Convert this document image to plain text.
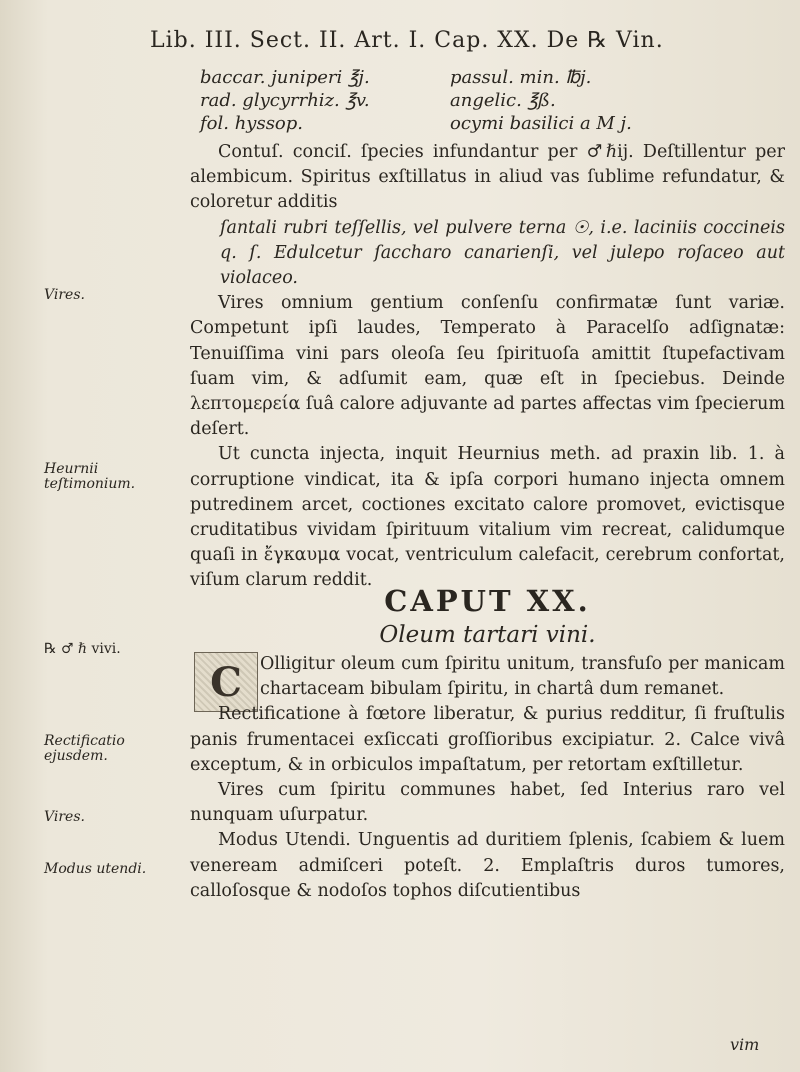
Lib. III. Sect. II. Art. I. Cap. XX. De ℞ Vin.
baccar. juniperi ℥j.	passul. min. ℔j.
rad. glycyrrhiz. ℥v.	angelic. ℥ß.
fol. hyssop.	ocymi basilici a M j.

Contuſ. conciſ. ſpecies infundantur per ♂ℏij. Deſtillentur per alembicum. Spiritus exſtillatus in aliud vas ſublime refundatur, & coloretur additis

ſantali rubri teſſellis, vel pulvere terna ☉, i.e. laciniis coccineis q. ſ. Edulcetur ſaccharo canarienſi, vel julepo roſaceo aut violaceo.

Vires omnium gentium conſenſu confirmatæ ſunt variæ. Competunt ipſi laudes, Temperato à Paracelſo adſignatæ: Tenuiſſima vini pars oleoſa ſeu ſpirituoſa amittit ſtupefactivam ſuam vim, & adſumit eam, quæ eſt in ſpeciebus. Deinde λεπτομερεία ſuâ calore adjuvante ad partes affectas vim ſpecierum deſert.

Ut cuncta injecta, inquit Heurnius meth. ad praxin lib. 1. à corruptione vindicat, ita & ipſa corpori humano injecta omnem putredinem arcet, coctiones excitato calore promovet, evictisque cruditatibus vividam ſpirituum vitalium vim recreat, calidumque quaſi in ἔγκαυμα vocat, ventriculum calefacit, cerebrum confortat, viſum clarum reddit.

CAPUT XX.
Oleum tartari vini.
C	Olligitur oleum cum ſpiritu unitum, transfuſo per manicam chartaceam bibulam ſpiritu, in chartâ dum remanet.

Rectificatione à fœtore liberatur, & purius redditur, ſi fruſtulis panis frumentacei exſiccati groſſioribus excipiatur. 2. Calce vivâ exceptum, & in orbiculos impaſtatum, per retortam exſtilletur.

Vires cum ſpiritu communes habet, ſed Interius raro vel nunquam uſurpatur.

Modus Utendi. Unguentis ad duritiem ſplenis, ſcabiem & luem veneream admiſceri poteſt. 2. Emplaſtris duros tumores, calloſosque & nodoſos tophos diſcutientibus

Vires.
Heurnii teſtimonium.
℞ ♂ ℏ vivi.
Rectificatio ejusdem.
Vires.
Modus utendi.
vim
